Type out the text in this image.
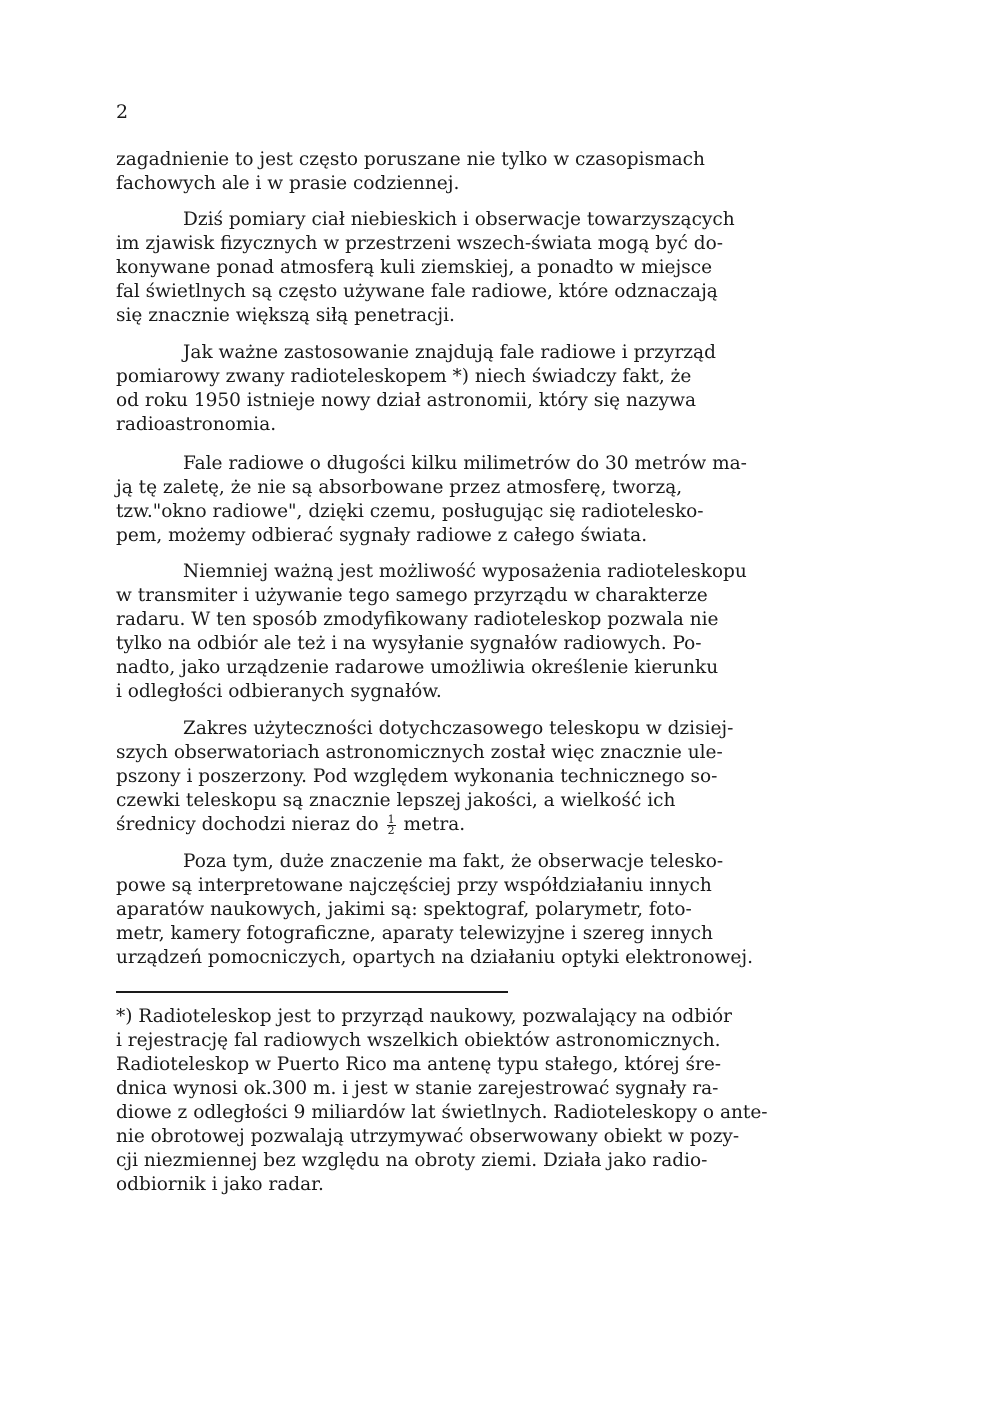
2
zagadnienie to jest często poruszane nie tylko w czasopismach
fachowych ale i w prasie codziennej.
Dziś pomiary ciał niebieskich i obserwacje towarzyszących
im zjawisk fizycznych w przestrzeni wszech-świata mogą być do-
konywane ponad atmosferą kuli ziemskiej, a ponadto w miejsce
fal świetlnych są często używane fale radiowe, które odznaczają
się znacznie większą siłą penetracji.
Jak ważne zastosowanie znajdują fale radiowe i przyrząd
pomiarowy zwany radioteleskopem *) niech świadczy fakt, że
od roku 1950 istnieje nowy dział astronomii, który się nazywa
radioastronomia.
Fale radiowe o długości kilku milimetrów do 30 metrów ma-
ją tę zaletę, że nie są absorbowane przez atmosferę, tworzą,
tzw."okno radiowe", dzięki czemu, posługując się radiotelesko-
pem, możemy odbierać sygnały radiowe z całego świata.
Niemniej ważną jest możliwość wyposażenia radioteleskopu
w transmiter i używanie tego samego przyrządu w charakterze
radaru. W ten sposób zmodyfikowany radioteleskop pozwala nie
tylko na odbiór ale też i na wysyłanie sygnałów radiowych. Po-
nadto, jako urządzenie radarowe umożliwia określenie kierunku
i odległości odbieranych sygnałów.
Zakres użyteczności dotychczasowego teleskopu w dzisiej-
szych obserwatoriach astronomicznych został więc znacznie ule-
pszony i poszerzony. Pod względem wykonania technicznego so-
czewki teleskopu są znacznie lepszej jakości, a wielkość ich
średnicy dochodzi nieraz do $\frac{1}{2}$ metra.
Poza tym, duże znaczenie ma fakt, że obserwacje telesko-
powe są interpretowane najczęściej przy współdziałaniu innych
aparatów naukowych, jakimi są: spektograf, polarymetr, foto-
metr, kamery fotograficzne, aparaty telewizyjne i szereg innych
urządzeń pomocniczych, opartych na działaniu optyki elektronowej.
*) Radioteleskop jest to przyrząd naukowy, pozwalający na odbiór
i rejestrację fal radiowych wszelkich obiektów astronomicznych.
Radioteleskop w Puerto Rico ma antenę typu stałego, której śre-
dnica wynosi ok.300 m. i jest w stanie zarejestrować sygnały ra-
diowe z odległości 9 miliardów lat świetlnych. Radioteleskopy o ante-
nie obrotowej pozwalają utrzymywać obserwowany obiekt w pozy-
cji niezmiennej bez względu na obroty ziemi. Działa jako radio-
odbiornik i jako radar.
